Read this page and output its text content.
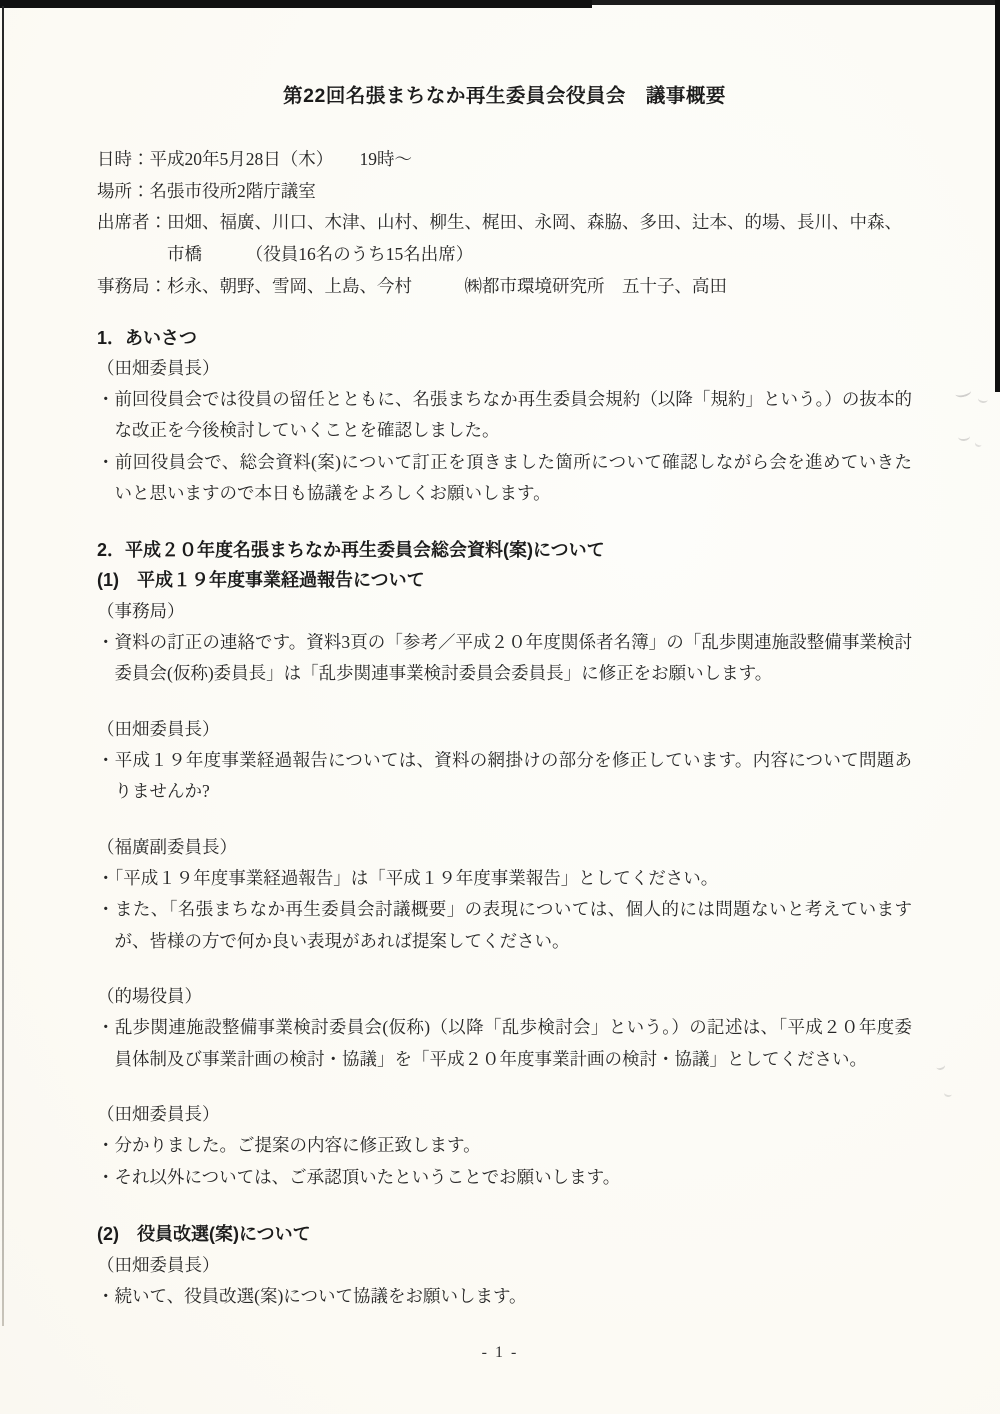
第22回名張まちなか再生委員会役員会　議事概要
日時：平成20年5月28日（木）　　19時～
場所：名張市役所2階庁議室
出席者：田畑、福廣、川口、木津、山村、柳生、梶田、永岡、森脇、多田、辻本、的場、長川、中森、
市橋　　　（役員16名のうち15名出席）
事務局：杉永、朝野、雪岡、上島、今村　　　㈱都市環境研究所　五十子、高田
1．あいさつ
（田畑委員長）
・前回役員会では役員の留任とともに、名張まちなか再生委員会規約（以降「規約」という。）の抜本的な改正を今後検討していくことを確認しました。
・前回役員会で、総会資料(案)について訂正を頂きました箇所について確認しながら会を進めていきたいと思いますので本日も協議をよろしくお願いします。
2．平成２０年度名張まちなか再生委員会総会資料(案)について
(1)　平成１９年度事業経過報告について
（事務局）
・資料の訂正の連絡です。資料3頁の「参考／平成２０年度関係者名簿」の「乱歩関連施設整備事業検討委員会(仮称)委員長」は「乱歩関連事業検討委員会委員長」に修正をお願いします。
（田畑委員長）
・平成１９年度事業経過報告については、資料の網掛けの部分を修正しています。内容について問題ありませんか?
（福廣副委員長）
・「平成１９年度事業経過報告」は「平成１９年度事業報告」としてください。
・また、「名張まちなか再生委員会討議概要」の表現については、個人的には問題ないと考えていますが、皆様の方で何か良い表現があれば提案してください。
（的場役員）
・乱歩関連施設整備事業検討委員会(仮称)（以降「乱歩検討会」という。）の記述は、「平成２０年度委員体制及び事業計画の検討・協議」を「平成２０年度事業計画の検討・協議」としてください。
（田畑委員長）
・分かりました。ご提案の内容に修正致します。
・それ以外については、ご承認頂いたということでお願いします。
(2)　役員改選(案)について
（田畑委員長）
・続いて、役員改選(案)について協議をお願いします。
- 1 -
